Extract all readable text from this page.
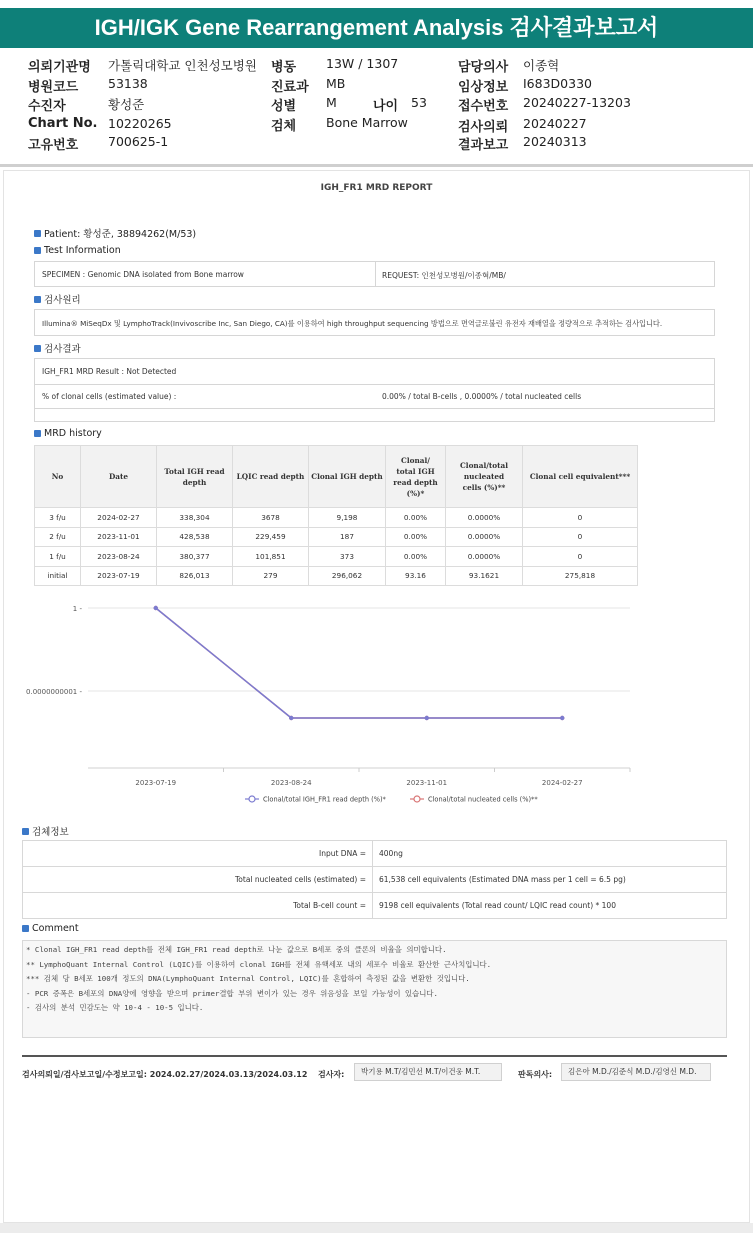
IGH/IGK Gene Rearrangement Analysis 검사결과보고서
의뢰기관명 가톨릭대학교 인천성모병원
병원코드 53138
수진자	황성준
Chart No. 10220265
고유번호 700625-1
병동 13W / 1307
진료과 MB
성별 M	나이 53
검체 Bone Marrow
담당의사 이종혁
임상정보 I683D0330
접수번호 20240227-13203
검사의뢰 20240227
결과보고 20240313
IGH_FR1 MRD REPORT
Patient: 황성준, 38894262(M/53)
Test Information
SPECIMEN : Genomic DNA isolated from Bone marrow	REQUEST: 인천성모병원/이종혁/MB/
검사원리
Illumina® MiSeqDx 및 LymphoTrack(Invivoscribe Inc, San Diego, CA)를 이용하여 high throughput sequencing 방법으로 면역글로불린 유전자 재배열을 정량적으로 추적하는 검사입니다.
검사결과
IGH_FR1 MRD Result : Not Detected
% of clonal cells (estimated value) :	0.00% / total B-cells , 0.0000% / total nucleated cells
MRD history
No	Date	Total IGH read depth	LQIC read depth	Clonal IGH depth	Clonal/ total IGH read depth (%)*	Clonal/total nucleated cells (%)**	Clonal cell equivalent***
3 f/u	2024-02-27	338,304	3678	9,198	0.00%	0.0000%	0
2 f/u	2023-11-01	428,538	229,459	187	0.00%	0.0000%	0
1 f/u	2023-08-24	380,377	101,851	373	0.00%	0.0000%	0
initial	2023-07-19	826,013	279	296,062	93.16	93.1621	275,818
1 -
0.0000000001 -
2023-07-19	2023-08-24	2023-11-01	2024-02-27
Clonal/total IGH_FR1 read depth (%)*	Clonal/total nucleated cells (%)**
검체정보
Input DNA =	400ng
Total nucleated cells (estimated) =	61,538 cell equivalents (Estimated DNA mass per 1 cell = 6.5 pg)
Total B-cell count =	9198 cell equivalents (Total read count/ LQIC read count) * 100
Comment
* Clonal IGH_FR1 read depth를 전체 IGH_FR1 read depth로 나눈 값으로 B세포 중의 클론의 비율을 의미합니다.
** LymphoQuant Internal Control (LQIC)를 이용하여 clonal IGH를 전체 유핵세포 내의 세포수 비율로 환산한 근사치입니다.
*** 검체 당 B세포 100개 정도의 DNA(LymphoQuant Internal Control, LQIC)를 혼합하여 측정된 값을 변환한 것입니다.
- PCR 증폭은 B세포의 DNA양에 영향을 받으며 primer결합 부위 변이가 있는 경우 위음성을 보일 가능성이 있습니다.
- 검사의 분석 민감도는 약 10-4 - 10-5 입니다.
검사의뢰일/검사보고일/수정보고일: 2024.02.27/2024.03.13/2024.03.12 검사자:	박기용 M.T/김민선 M.T/이건웅 M.T.	판독의사:	김은아 M.D./김준식 M.D./김영신 M.D.
